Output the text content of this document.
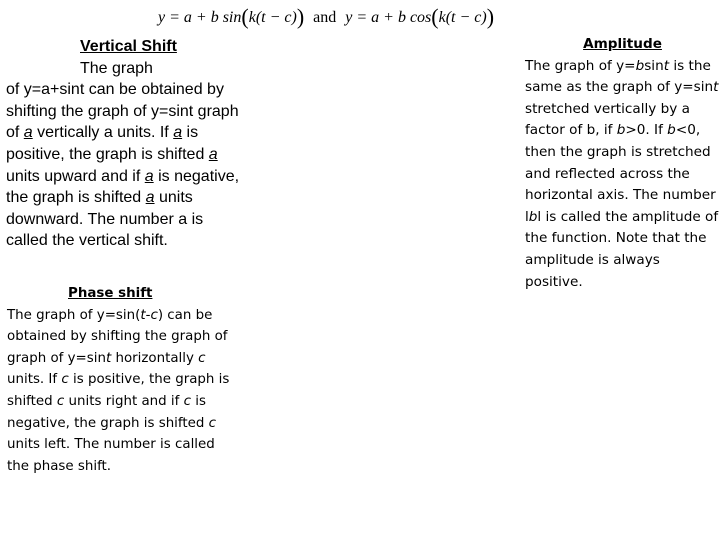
y = a + b sin(k(t − c)) and y = a + b cos(k(t − c))
Vertical Shift
The graph
of y=a+sint can be obtained by shifting the graph of y=sint graph of a vertically a units. If a is positive, the graph is shifted a units upward and if a is negative, the graph is shifted a units downward. The number a is called the vertical shift.
Phase shift
The graph of y=sin(t-c) can be obtained by shifting the graph of
graph of y=sint horizontally c units. If c is positive, the graph is shifted c units right and if c is negative, the graph is shifted c units left. The number is called the phase shift.
Amplitude
The graph of y=bsint is the same as the graph of y=sint stretched vertically by a factor of b, if b>0. If b<0, then the graph is stretched and reflected across the horizontal axis. The number lbl is called the amplitude of the function. Note that the amplitude is always positive.
